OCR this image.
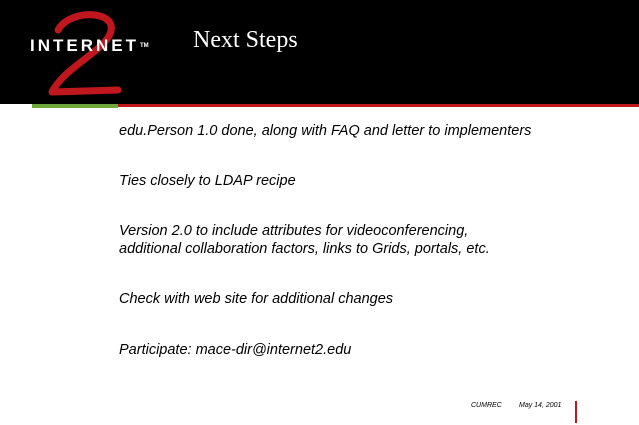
INTERNET TM Next Steps
edu.Person 1.0 done, along with FAQ and letter to implementers
Ties closely to LDAP recipe
Version 2.0 to include attributes for videoconferencing,
additional collaboration factors, links to Grids, portals, etc.
Check with web site for additional changes
Participate: mace-dir@internet2.edu
CUMREC May 14, 2001
